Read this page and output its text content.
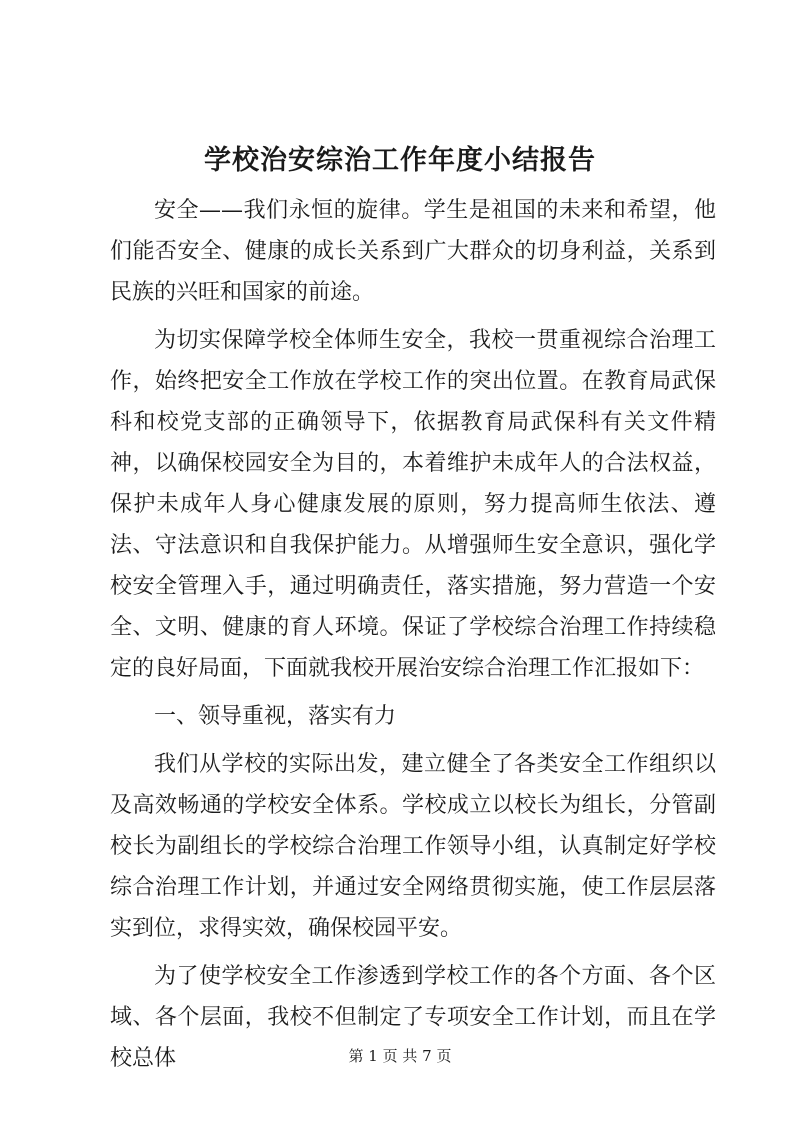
学校治安综治工作年度小结报告

安全——我们永恒的旋律。学生是祖国的未来和希望，他们能否安全、健康的成长关系到广大群众的切身利益，关系到民族的兴旺和国家的前途。

为切实保障学校全体师生安全，我校一贯重视综合治理工作，始终把安全工作放在学校工作的突出位置。在教育局武保科和校党支部的正确领导下，依据教育局武保科有关文件精神，以确保校园安全为目的，本着维护未成年人的合法权益，保护未成年人身心健康发展的原则，努力提高师生依法、遵法、守法意识和自我保护能力。从增强师生安全意识，强化学校安全管理入手，通过明确责任，落实措施，努力营造一个安全、文明、健康的育人环境。保证了学校综合治理工作持续稳定的良好局面，下面就我校开展治安综合治理工作汇报如下：

一、领导重视，落实有力

我们从学校的实际出发，建立健全了各类安全工作组织以及高效畅通的学校安全体系。学校成立以校长为组长，分管副校长为副组长的学校综合治理工作领导小组，认真制定好学校综合治理工作计划，并通过安全网络贯彻实施，使工作层层落实到位，求得实效，确保校园平安。

为了使学校安全工作渗透到学校工作的各个方面、各个区域、各个层面，我校不但制定了专项安全工作计划，而且在学校总体	第 1 页 共 7 页
